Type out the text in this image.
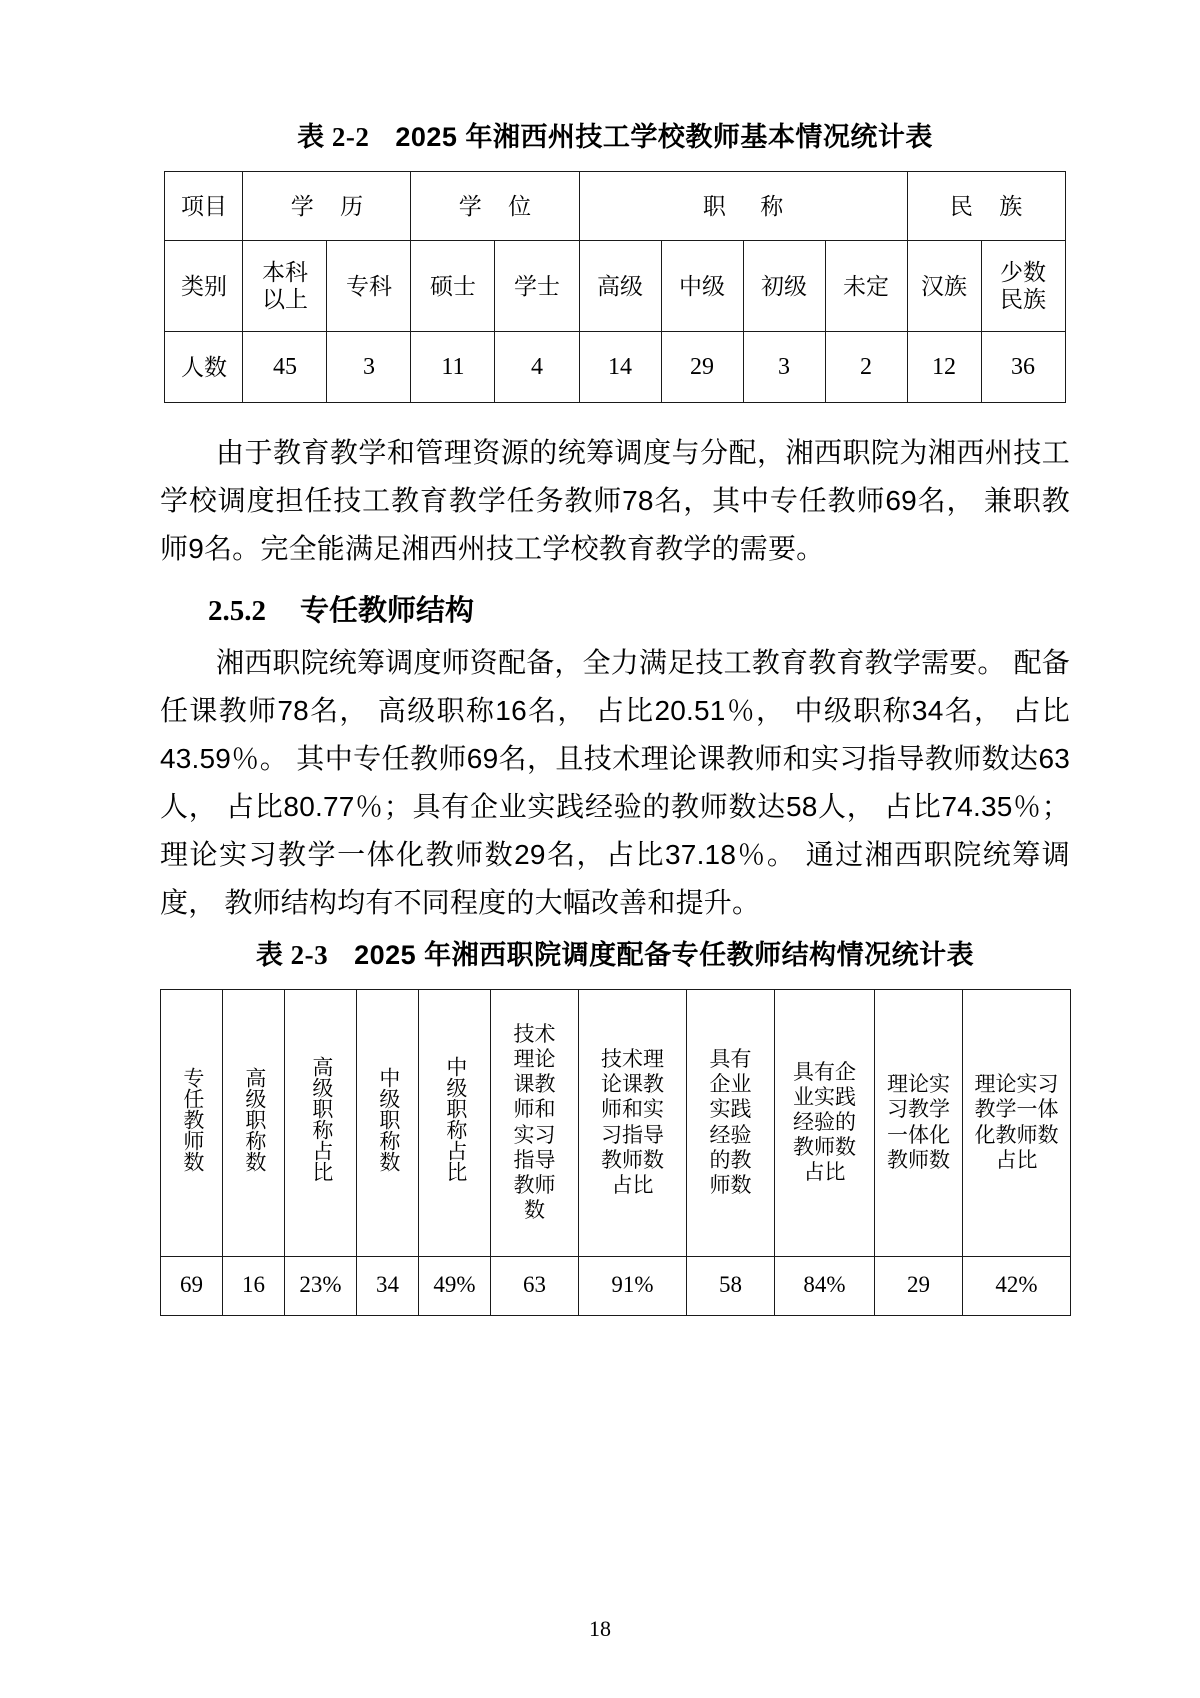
表 2-2 2025 年湘西州技工学校教师基本情况统计表
项目	学 历		学 位		职 称				民 族	
类别	本科以上	专科	硕士	学士	高级	中级	初级	未定	汉族	少数民族

人数	45	3	11	4	14	29	3	2	12	36

由于教育教学和管理资源的统筹调度与分配，湘西职院为湘西州技工学校调度担任技工教育教学任务教师78名，其中专任教师69名， 兼职教师9名。完全能满足湘西州技工学校教育教学的需要。

2.5.2 专任教师结构

湘西职院统筹调度师资配备，全力满足技工教育教育教学需要。 配备任课教师78名， 高级职称16名， 占比20.51％， 中级职称34名， 占比43.59％。 其中专任教师69名，且技术理论课教师和实习指导教师数达63人， 占比80.77％；具有企业实践经验的教师数达58人， 占比74.35％；理论实习教学一体化教师数29名，占比37.18％。 通过湘西职院统筹调度， 教师结构均有不同程度的大幅改善和提升。

表 2-3 2025 年湘西职院调度配备专任教师结构情况统计表
专任教师数	高级职称数	高级职称占比	中级职称数	中级职称占比	技术理论课教师和实习指导教师数	技术理论课教师和实习指导教师数占比	具有企业实践经验的教师数	具有企业实践经验的教师数占比	理论实习教学一体化教师数	理论实习教学一体化教师数占比

69	16	23%	34	49%	63	91%	58	84%	29	42%
18
